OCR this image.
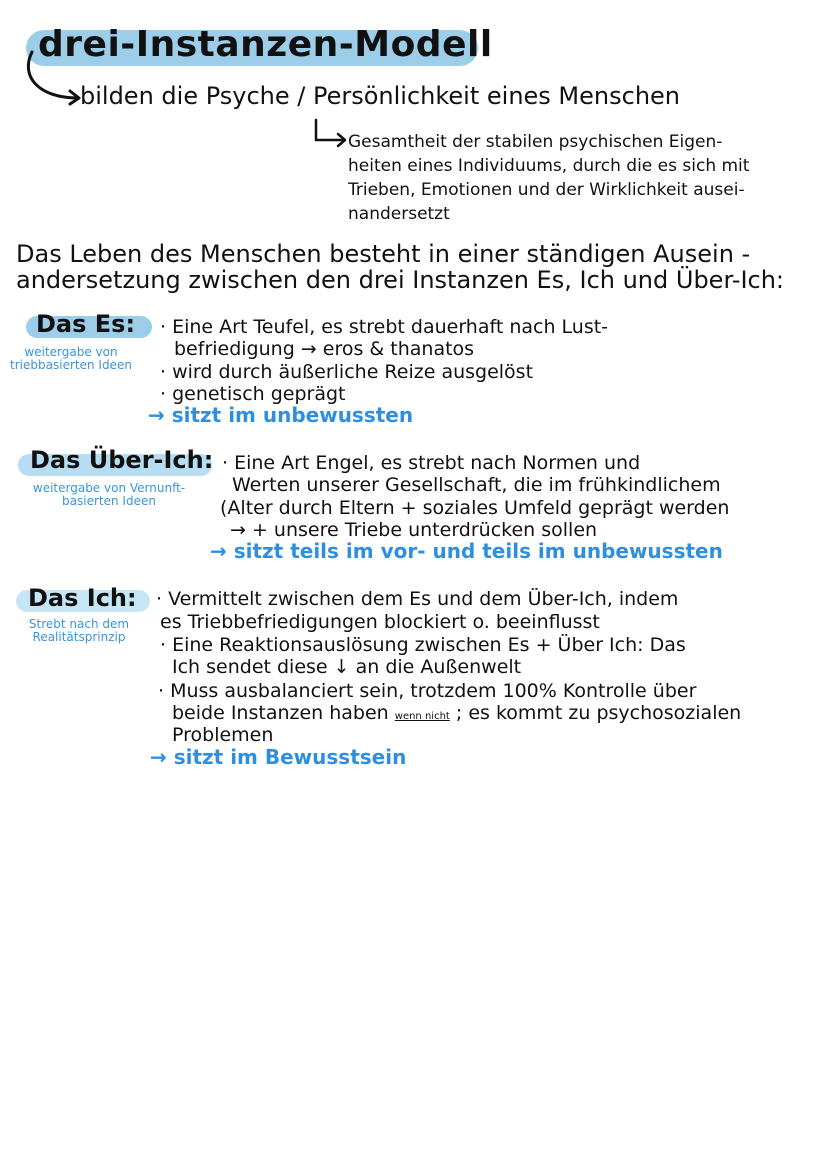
drei-Instanzen-Modell
bilden die Psyche / Persönlichkeit eines Menschen
Gesamtheit der stabilen psychischen Eigen-
heiten eines Individuums, durch die es sich mit
Trieben, Emotionen und der Wirklichkeit ausei-
nandersetzt
Das Leben des Menschen besteht in einer ständigen Ausein -
andersetzung zwischen den drei Instanzen Es, Ich und Über-Ich:
Das Es:
weitergabe von
triebbasierten Ideen
· Eine Art Teufel, es strebt dauerhaft nach Lust-
befriedigung → eros & thanatos
· wird durch äußerliche Reize ausgelöst
· genetisch geprägt
→ sitzt im unbewussten
Das Über-Ich:
weitergabe von Vernunft-
basierten Ideen
· Eine Art Engel, es strebt nach Normen und
Werten unserer Gesellschaft, die im frühkindlichem
(Alter durch Eltern + soziales Umfeld geprägt werden
→ + unsere Triebe unterdrücken sollen
→ sitzt teils im vor- und teils im unbewussten
Das Ich:
Strebt nach dem
Realitätsprinzip
· Vermittelt zwischen dem Es und dem Über-Ich, indem
es Triebbefriedigungen blockiert o. beeinflusst
· Eine Reaktionsauslösung zwischen Es + Über Ich: Das
Ich sendet diese ↓ an die Außenwelt
· Muss ausbalanciert sein, trotzdem 100% Kontrolle über
beide Instanzen haben wenn nicht ; es kommt zu psychosozialen
Problemen
→ sitzt im Bewusstsein
